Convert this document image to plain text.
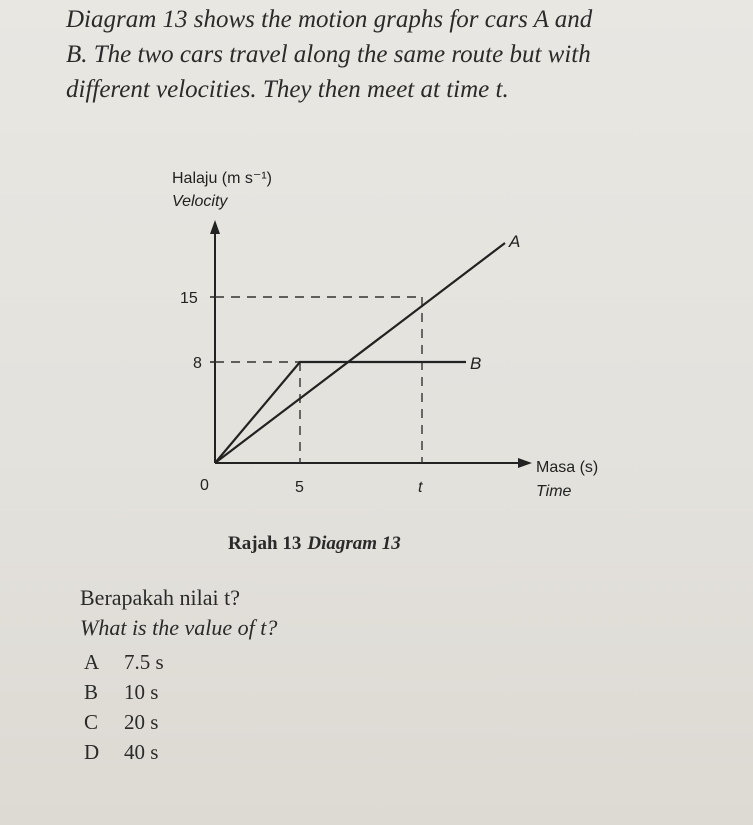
Diagram 13 shows the motion graphs for cars A and
B. The two cars travel along the same route but with
different velocities. They then meet at time t.

Halaju (m s⁻¹)
Velocity
Masa (s)
Time
0
15
8
5	t
A
B
Rajah 13 Diagram 13
Berapakah nilai t?
What is the value of t?
A 7.5 s
B 10 s
C 20 s
D 40 s
